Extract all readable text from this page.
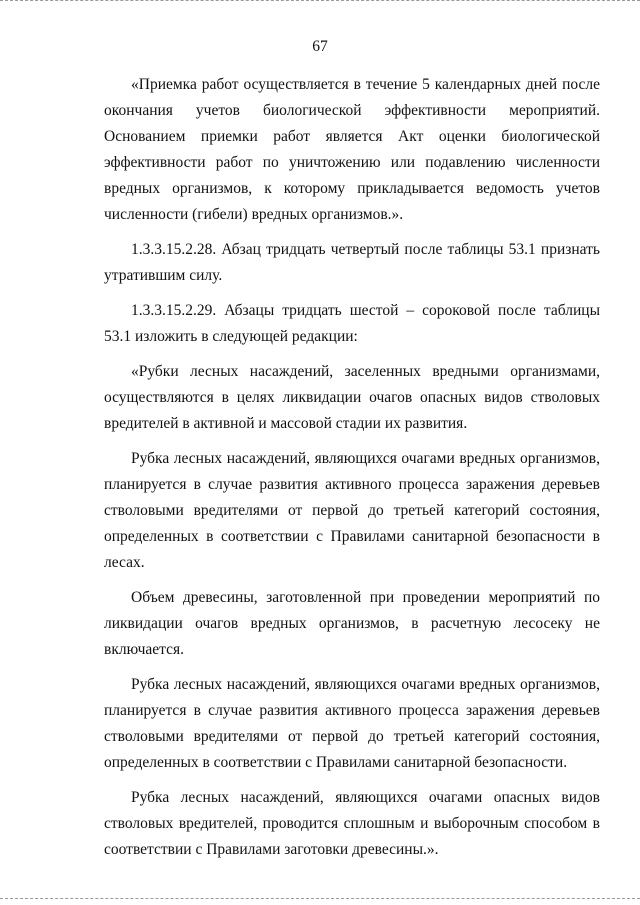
67

«Приемка работ осуществляется в течение 5 календарных дней после окончания учетов биологической эффективности мероприятий. Основанием приемки работ является Акт оценки биологической эффективности работ по уничтожению или подавлению численности вредных организмов, к которому прикладывается ведомость учетов численности (гибели) вредных организмов.».

1.3.3.15.2.28. Абзац тридцать четвертый после таблицы 53.1 признать утратившим силу.

1.3.3.15.2.29. Абзацы тридцать шестой – сороковой после таблицы 53.1 изложить в следующей редакции:

«Рубки лесных насаждений, заселенных вредными организмами, осуществляются в целях ликвидации очагов опасных видов стволовых вредителей в активной и массовой стадии их развития.

Рубка лесных насаждений, являющихся очагами вредных организмов, планируется в случае развития активного процесса заражения деревьев стволовыми вредителями от первой до третьей категорий состояния, определенных в соответствии с Правилами санитарной безопасности в лесах.

Объем древесины, заготовленной при проведении мероприятий по ликвидации очагов вредных организмов, в расчетную лесосеку не включается.

Рубка лесных насаждений, являющихся очагами вредных организмов, планируется в случае развития активного процесса заражения деревьев стволовыми вредителями от первой до третьей категорий состояния, определенных в соответствии с Правилами санитарной безопасности.

Рубка лесных насаждений, являющихся очагами опасных видов стволовых вредителей, проводится сплошным и выборочным способом в соответствии с Правилами заготовки древесины.».
